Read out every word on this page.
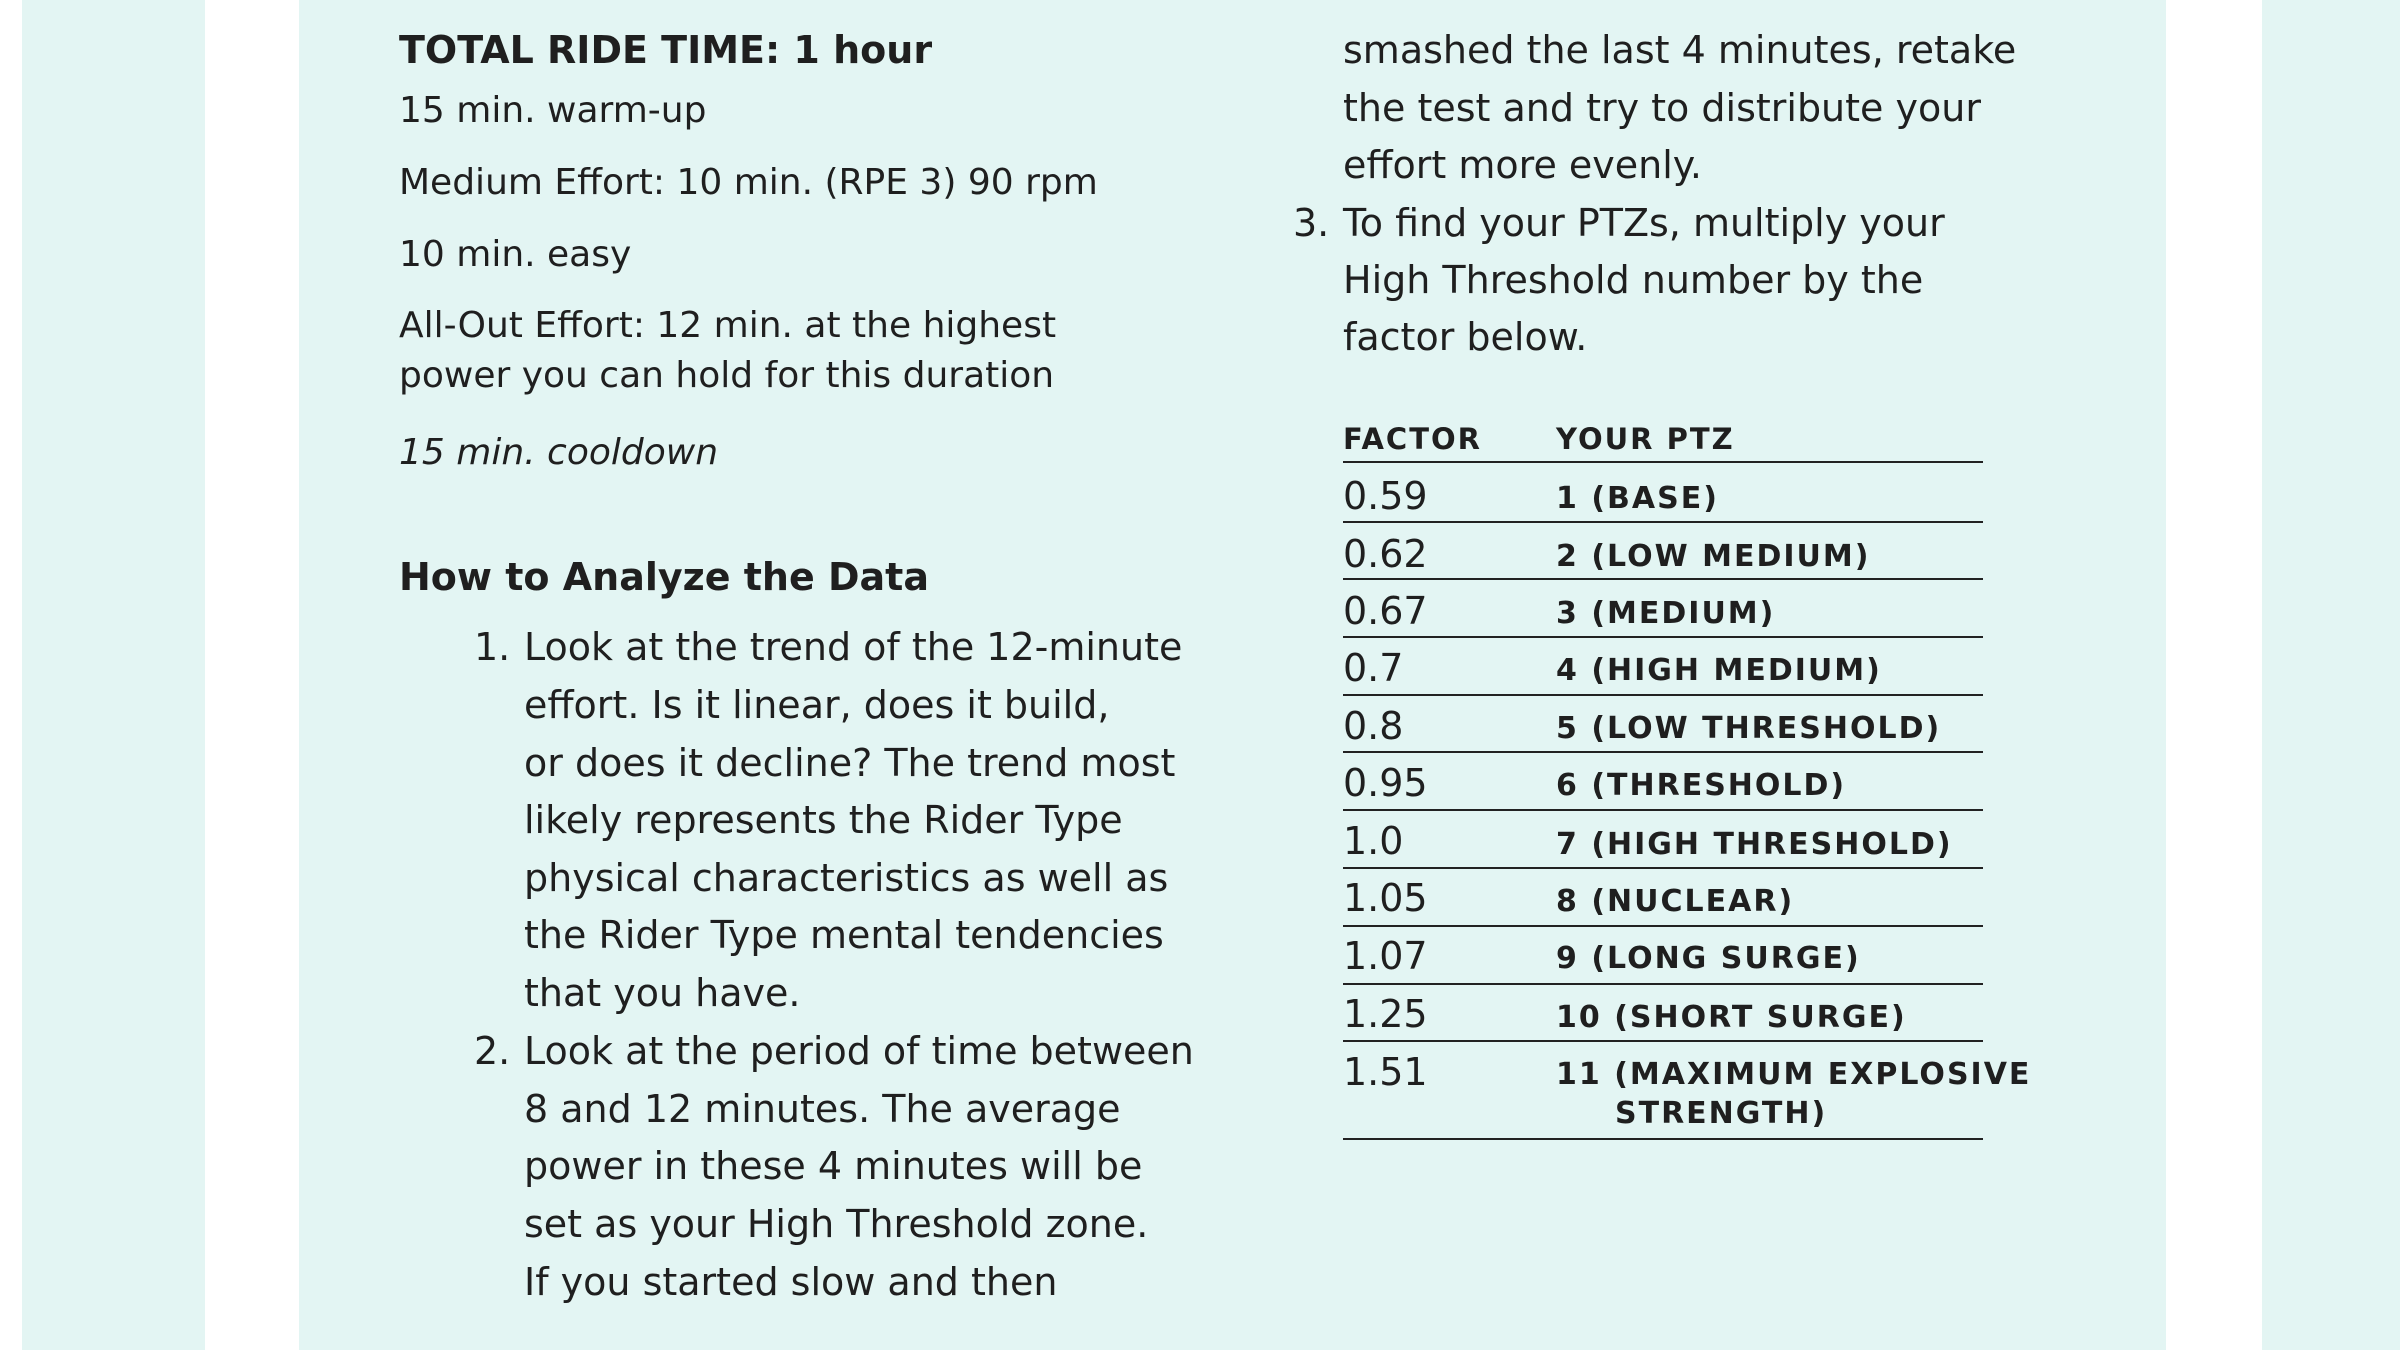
TOTAL RIDE TIME: 1 hour
15 min. warm-up
Medium Effort: 10 min. (RPE 3) 90 rpm
10 min. easy
All-Out Effort: 12 min. at the highest
power you can hold for this duration
15 min. cooldown
How to Analyze the Data
1. Look at the trend of the 12-minute
effort. Is it linear, does it build,
or does it decline? The trend most
likely represents the Rider Type
physical characteristics as well as
the Rider Type mental tendencies
that you have.
2. Look at the period of time between
8 and 12 minutes. The average
power in these 4 minutes will be
set as your High Threshold zone.
If you started slow and then
smashed the last 4 minutes, retake
the test and try to distribute your
effort more evenly.
3. To find your PTZs, multiply your
High Threshold number by the
factor below.
FACTOR	YOUR PTZ
0.59	1 (BASE)
0.62	2 (LOW MEDIUM)
0.67	3 (MEDIUM)
0.7	4 (HIGH MEDIUM)
0.8	5 (LOW THRESHOLD)
0.95	6 (THRESHOLD)
1.0	7 (HIGH THRESHOLD)
1.05	8 (NUCLEAR)
1.07	9 (LONG SURGE)
1.25	10 (SHORT SURGE)
1.51	11 (MAXIMUM EXPLOSIVE
STRENGTH)
